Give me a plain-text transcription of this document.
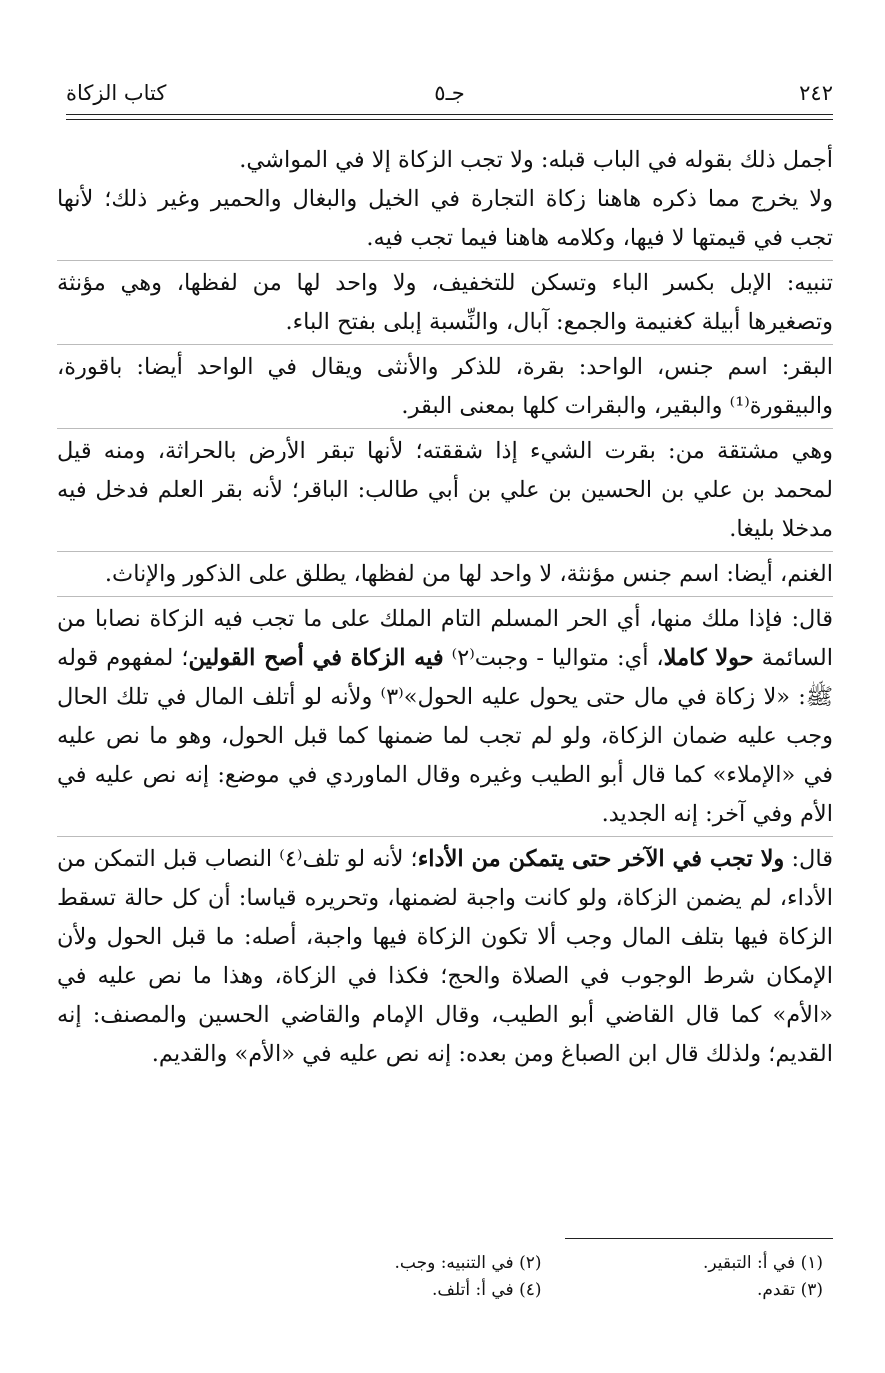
٢٤٢
جـ٥
كتاب الزكاة

أجمل ذلك بقوله في الباب قبله: ولا تجب الزكاة إلا في المواشي.

ولا يخرج مما ذكره هاهنا زكاة التجارة في الخيل والبغال والحمير وغير ذلك؛ لأنها تجب في قيمتها لا فيها، وكلامه هاهنا فيما تجب فيه.

تنبيه: الإبل بكسر الباء وتسكن للتخفيف، ولا واحد لها من لفظها، وهي مؤنثة وتصغيرها أبيلة كغنيمة والجمع: آبال، والنِّسبة إبلى بفتح الباء.

البقر: اسم جنس، الواحد: بقرة، للذكر والأنثى ويقال في الواحد أيضا: باقورة، والبيقورة⁽¹⁾ والبقير، والبقرات كلها بمعنى البقر.

وهي مشتقة من: بقرت الشيء إذا شققته؛ لأنها تبقر الأرض بالحراثة، ومنه قيل لمحمد بن علي بن الحسين بن علي بن أبي طالب: الباقر؛ لأنه بقر العلم فدخل فيه مدخلا بليغا.

الغنم، أيضا: اسم جنس مؤنثة، لا واحد لها من لفظها، يطلق على الذكور والإناث.

قال: فإذا ملك منها، أي الحر المسلم التام الملك على ما تجب فيه الزكاة نصابا من السائمة حولا كاملا، أي: متواليا - وجبت⁽٢⁾ فيه الزكاة في أصح القولين؛ لمفهوم قوله ﷺ: «لا زكاة في مال حتى يحول عليه الحول»⁽٣⁾ ولأنه لو أتلف المال في تلك الحال وجب عليه ضمان الزكاة، ولو لم تجب لما ضمنها كما قبل الحول، وهو ما نص عليه في «الإملاء» كما قال أبو الطيب وغيره وقال الماوردي في موضع: إنه نص عليه في الأم وفي آخر: إنه الجديد.

قال: ولا تجب في الآخر حتى يتمكن من الأداء؛ لأنه لو تلف⁽٤⁾ النصاب قبل التمكن من الأداء، لم يضمن الزكاة، ولو كانت واجبة لضمنها، وتحريره قياسا: أن كل حالة تسقط الزكاة فيها بتلف المال وجب ألا تكون الزكاة فيها واجبة، أصله: ما قبل الحول ولأن الإمكان شرط الوجوب في الصلاة والحج؛ فكذا في الزكاة، وهذا ما نص عليه في «الأم» كما قال القاضي أبو الطيب، وقال الإمام والقاضي الحسين والمصنف: إنه القديم؛ ولذلك قال ابن الصباغ ومن بعده: إنه نص عليه في «الأم» والقديم.

(١) في أ: التبقير.
(٢) في التنبيه: وجب.
(٣) تقدم.
(٤) في أ: أتلف.
